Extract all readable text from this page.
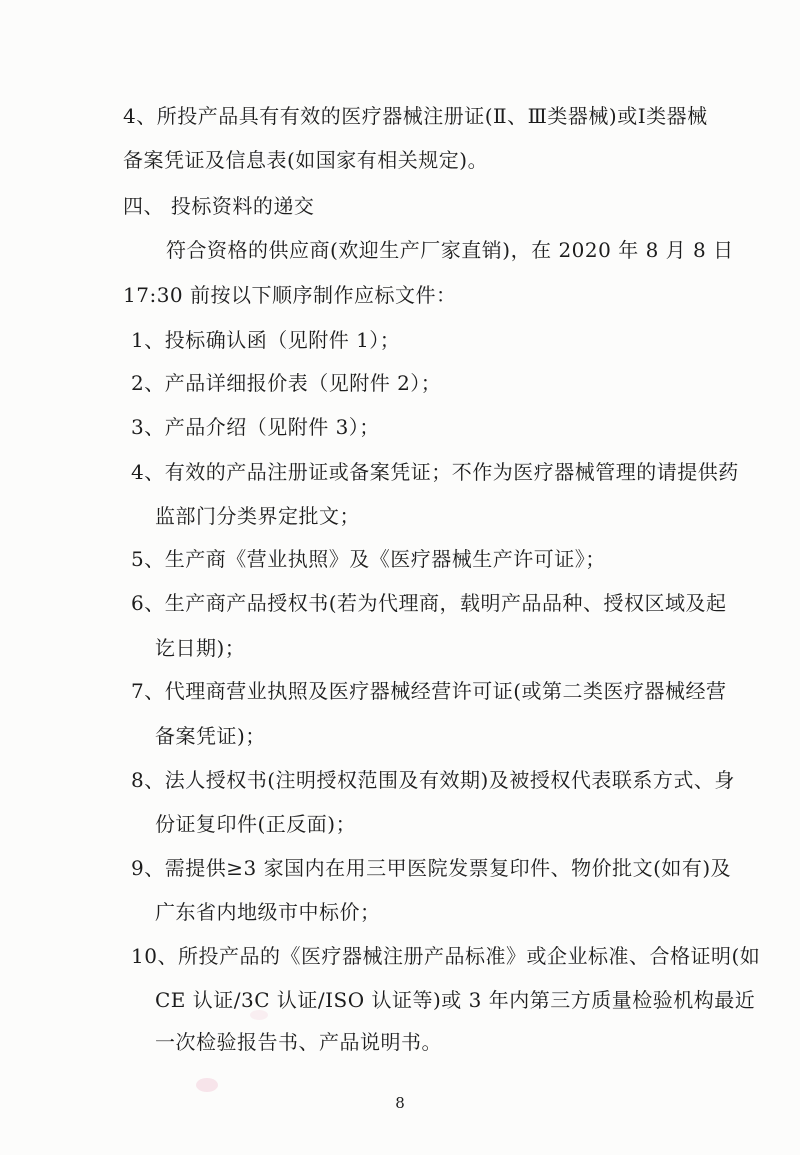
4、所投产品具有有效的医疗器械注册证(Ⅱ、Ⅲ类器械)或Ⅰ类器械
备案凭证及信息表(如国家有相关规定)。
四、 投标资料的递交
符合资格的供应商(欢迎生产厂家直销)，在 2020 年 8 月 8 日
17:30 前按以下顺序制作应标文件：
1、投标确认函（见附件 1）；
2、产品详细报价表（见附件 2）；
3、产品介绍（见附件 3）；
4、有效的产品注册证或备案凭证；不作为医疗器械管理的请提供药
监部门分类界定批文；
5、生产商《营业执照》及《医疗器械生产许可证》；
6、生产商产品授权书(若为代理商，载明产品品种、授权区域及起
讫日期)；
7、代理商营业执照及医疗器械经营许可证(或第二类医疗器械经营
备案凭证)；
8、法人授权书(注明授权范围及有效期)及被授权代表联系方式、身
份证复印件(正反面)；
9、需提供≥3 家国内在用三甲医院发票复印件、物价批文(如有)及
广东省内地级市中标价；
10、所投产品的《医疗器械注册产品标准》或企业标准、合格证明(如
CE 认证/3C 认证/ISO 认证等)或 3 年内第三方质量检验机构最近
一次检验报告书、产品说明书。
8
